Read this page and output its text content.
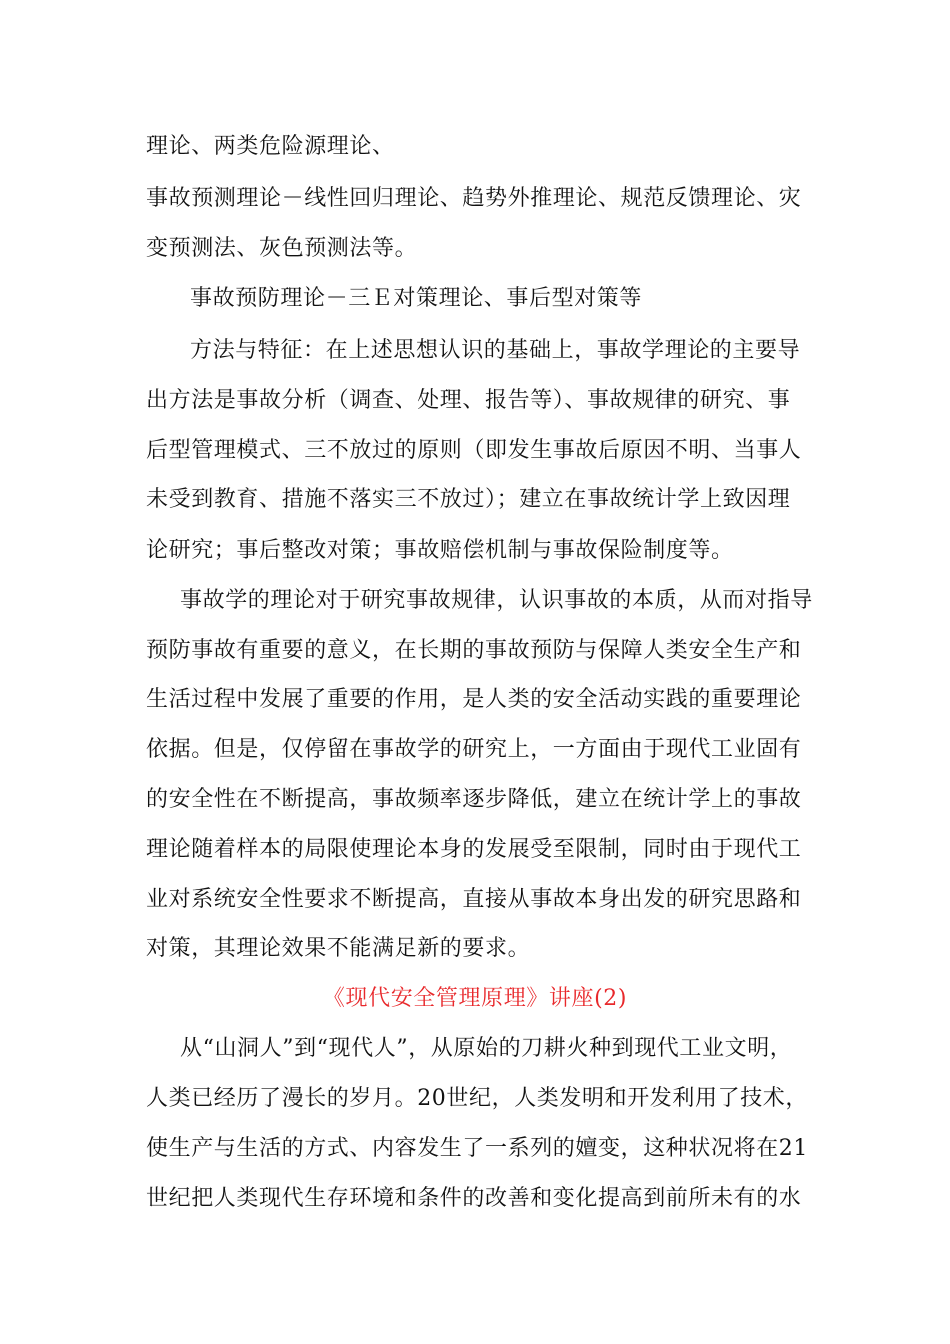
理论、两类危险源理论、
事故预测理论－线性回归理论、趋势外推理论、规范反馈理论、灾
变预测法、灰色预测法等。
事故预防理论－三Ｅ对策理论、事后型对策等
方法与特征：在上述思想认识的基础上，事故学理论的主要导
出方法是事故分析（调查、处理、报告等）、事故规律的研究、事
后型管理模式、三不放过的原则（即发生事故后原因不明、当事人
未受到教育、措施不落实三不放过）；建立在事故统计学上致因理
论研究；事后整改对策；事故赔偿机制与事故保险制度等。
事故学的理论对于研究事故规律，认识事故的本质，从而对指导
预防事故有重要的意义，在长期的事故预防与保障人类安全生产和
生活过程中发展了重要的作用，是人类的安全活动实践的重要理论
依据。但是，仅停留在事故学的研究上，一方面由于现代工业固有
的安全性在不断提高，事故频率逐步降低，建立在统计学上的事故
理论随着样本的局限使理论本身的发展受至限制，同时由于现代工
业对系统安全性要求不断提高，直接从事故本身出发的研究思路和
对策，其理论效果不能满足新的要求。
《现代安全管理原理》讲座(2)
从“山洞人”到“现代人”，从原始的刀耕火种到现代工业文明，
人类已经历了漫长的岁月。20世纪，人类发明和开发利用了技术，
使生产与生活的方式、内容发生了一系列的嬗变，这种状况将在21
世纪把人类现代生存环境和条件的改善和变化提高到前所未有的水
